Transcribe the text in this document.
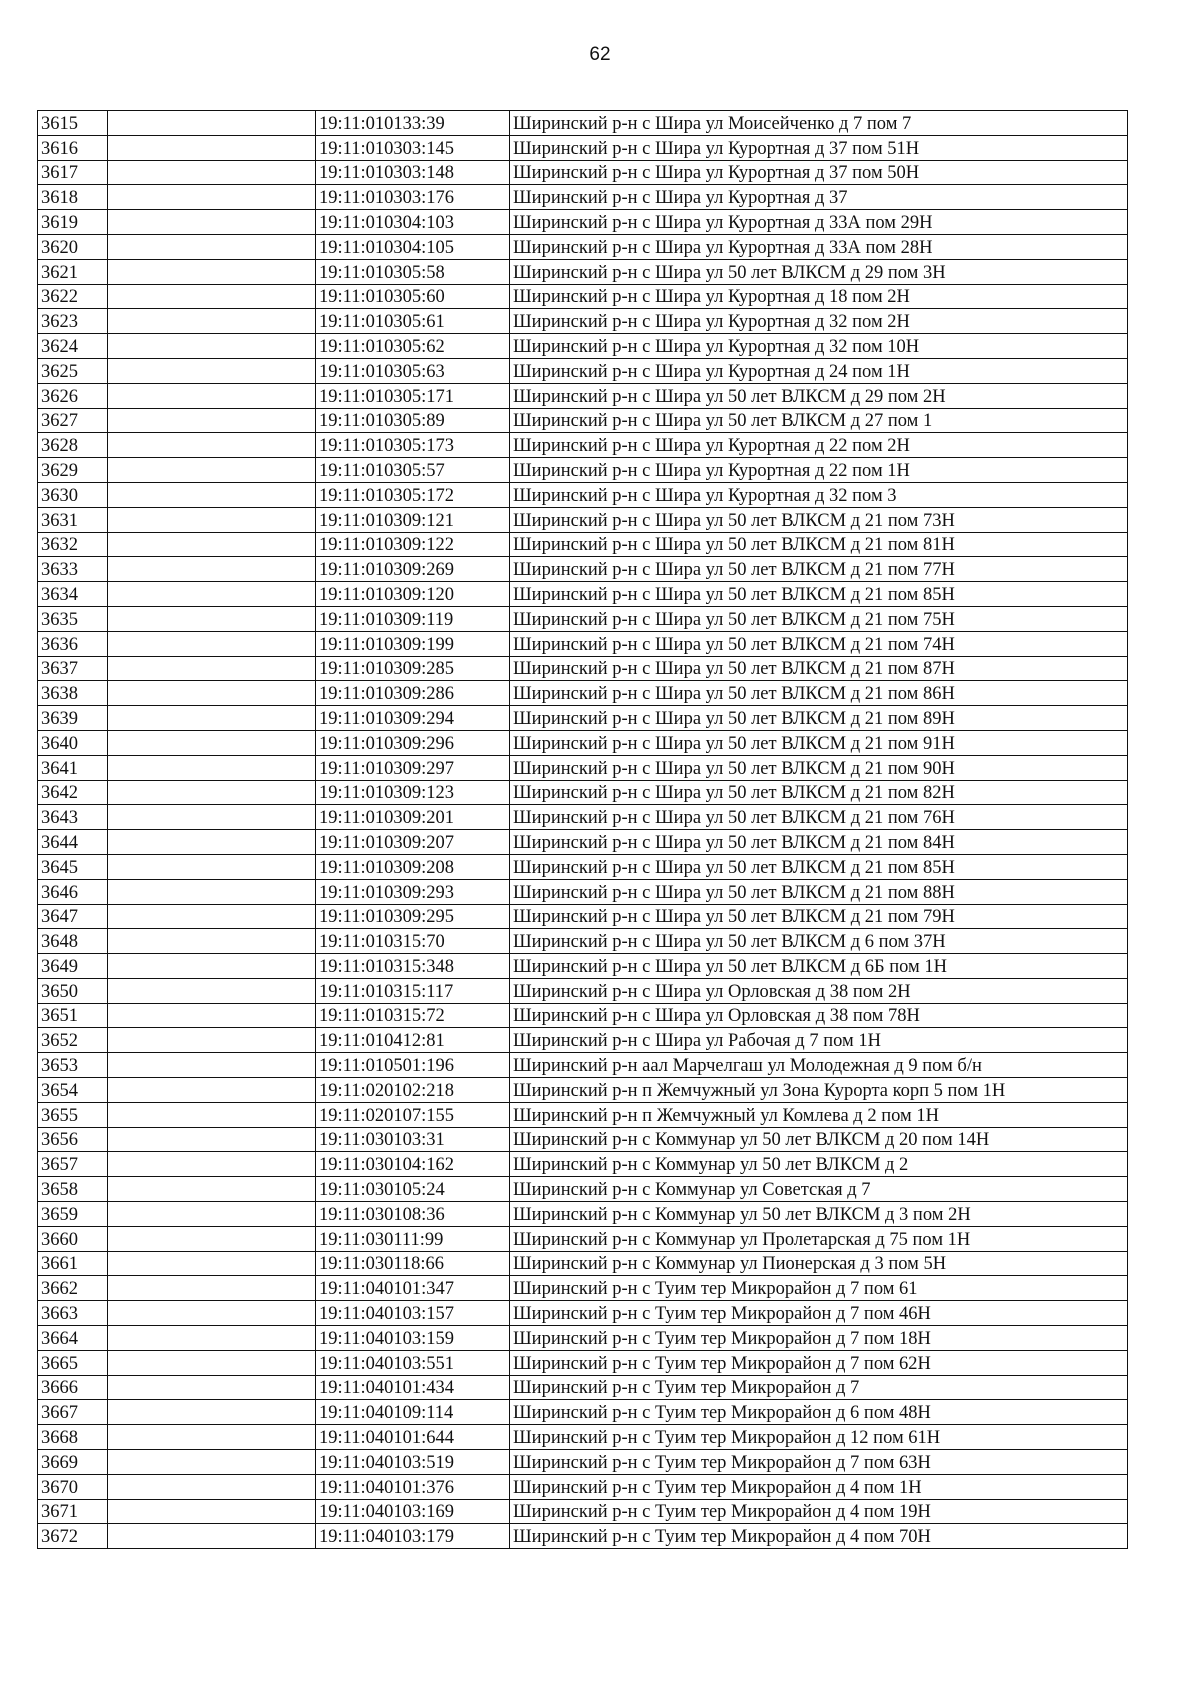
62
3615		19:11:010133:39	Ширинский р-н с Шира ул Моисейченко д 7 пом 7
3616		19:11:010303:145	Ширинский р-н с Шира ул Курортная д 37 пом 51Н
3617		19:11:010303:148	Ширинский р-н с Шира ул Курортная д 37 пом 50Н
3618		19:11:010303:176	Ширинский р-н с Шира ул Курортная д 37
3619		19:11:010304:103	Ширинский р-н с Шира ул Курортная д 33А пом 29Н
3620		19:11:010304:105	Ширинский р-н с Шира ул Курортная д 33А пом 28Н
3621		19:11:010305:58	Ширинский р-н с Шира ул 50 лет ВЛКСМ д 29 пом 3Н
3622		19:11:010305:60	Ширинский р-н с Шира ул Курортная д 18 пом 2Н
3623		19:11:010305:61	Ширинский р-н с Шира ул Курортная д 32 пом 2Н
3624		19:11:010305:62	Ширинский р-н с Шира ул Курортная д 32 пом 10Н
3625		19:11:010305:63	Ширинский р-н с Шира ул Курортная д 24 пом 1Н
3626		19:11:010305:171	Ширинский р-н с Шира ул 50 лет ВЛКСМ д 29 пом 2Н
3627		19:11:010305:89	Ширинский р-н с Шира ул 50 лет ВЛКСМ д 27 пом 1
3628		19:11:010305:173	Ширинский р-н с Шира ул Курортная д 22 пом 2Н
3629		19:11:010305:57	Ширинский р-н с Шира ул Курортная д 22 пом 1Н
3630		19:11:010305:172	Ширинский р-н с Шира ул Курортная д 32 пом 3
3631		19:11:010309:121	Ширинский р-н с Шира ул 50 лет ВЛКСМ д 21 пом 73Н
3632		19:11:010309:122	Ширинский р-н с Шира ул 50 лет ВЛКСМ д 21 пом 81Н
3633		19:11:010309:269	Ширинский р-н с Шира ул 50 лет ВЛКСМ д 21 пом 77Н
3634		19:11:010309:120	Ширинский р-н с Шира ул 50 лет ВЛКСМ д 21 пом 85Н
3635		19:11:010309:119	Ширинский р-н с Шира ул 50 лет ВЛКСМ д 21 пом 75Н
3636		19:11:010309:199	Ширинский р-н с Шира ул 50 лет ВЛКСМ д 21 пом 74Н
3637		19:11:010309:285	Ширинский р-н с Шира ул 50 лет ВЛКСМ д 21 пом 87Н
3638		19:11:010309:286	Ширинский р-н с Шира ул 50 лет ВЛКСМ д 21 пом 86Н
3639		19:11:010309:294	Ширинский р-н с Шира ул 50 лет ВЛКСМ д 21 пом 89Н
3640		19:11:010309:296	Ширинский р-н с Шира ул 50 лет ВЛКСМ д 21 пом 91Н
3641		19:11:010309:297	Ширинский р-н с Шира ул 50 лет ВЛКСМ д 21 пом 90Н
3642		19:11:010309:123	Ширинский р-н с Шира ул 50 лет ВЛКСМ д 21 пом 82Н
3643		19:11:010309:201	Ширинский р-н с Шира ул 50 лет ВЛКСМ д 21 пом 76Н
3644		19:11:010309:207	Ширинский р-н с Шира ул 50 лет ВЛКСМ д 21 пом 84Н
3645		19:11:010309:208	Ширинский р-н с Шира ул 50 лет ВЛКСМ д 21 пом 85Н
3646		19:11:010309:293	Ширинский р-н с Шира ул 50 лет ВЛКСМ д 21 пом 88Н
3647		19:11:010309:295	Ширинский р-н с Шира ул 50 лет ВЛКСМ д 21 пом 79Н
3648		19:11:010315:70	Ширинский р-н с Шира ул 50 лет ВЛКСМ д 6 пом 37Н
3649		19:11:010315:348	Ширинский р-н с Шира ул 50 лет ВЛКСМ д 6Б пом 1Н
3650		19:11:010315:117	Ширинский р-н с Шира ул Орловская д 38 пом 2Н
3651		19:11:010315:72	Ширинский р-н с Шира ул Орловская д 38 пом 78Н
3652		19:11:010412:81	Ширинский р-н с Шира ул Рабочая д 7 пом 1Н
3653		19:11:010501:196	Ширинский р-н аал Марчелгаш ул Молодежная д 9 пом б/н
3654		19:11:020102:218	Ширинский р-н п Жемчужный ул Зона Курорта корп 5 пом 1Н
3655		19:11:020107:155	Ширинский р-н п Жемчужный ул Комлева д 2 пом 1Н
3656		19:11:030103:31	Ширинский р-н с Коммунар ул 50 лет ВЛКСМ д 20 пом 14Н
3657		19:11:030104:162	Ширинский р-н с Коммунар ул 50 лет ВЛКСМ д 2
3658		19:11:030105:24	Ширинский р-н с Коммунар ул Советская д 7
3659		19:11:030108:36	Ширинский р-н с Коммунар ул 50 лет ВЛКСМ д 3 пом 2Н
3660		19:11:030111:99	Ширинский р-н с Коммунар ул Пролетарская д 75 пом 1Н
3661		19:11:030118:66	Ширинский р-н с Коммунар ул Пионерская д 3 пом 5Н
3662		19:11:040101:347	Ширинский р-н с Туим тер Микрорайон д 7 пом 61
3663		19:11:040103:157	Ширинский р-н с Туим тер Микрорайон д 7 пом 46Н
3664		19:11:040103:159	Ширинский р-н с Туим тер Микрорайон д 7 пом 18Н
3665		19:11:040103:551	Ширинский р-н с Туим тер Микрорайон д 7 пом 62Н
3666		19:11:040101:434	Ширинский р-н с Туим тер Микрорайон д 7
3667		19:11:040109:114	Ширинский р-н с Туим тер Микрорайон д 6 пом 48Н
3668		19:11:040101:644	Ширинский р-н с Туим тер Микрорайон д 12 пом 61Н
3669		19:11:040103:519	Ширинский р-н с Туим тер Микрорайон д 7 пом 63Н
3670		19:11:040101:376	Ширинский р-н с Туим тер Микрорайон д 4 пом 1Н
3671		19:11:040103:169	Ширинский р-н с Туим тер Микрорайон д 4 пом 19Н
3672		19:11:040103:179	Ширинский р-н с Туим тер Микрорайон д 4 пом 70Н
